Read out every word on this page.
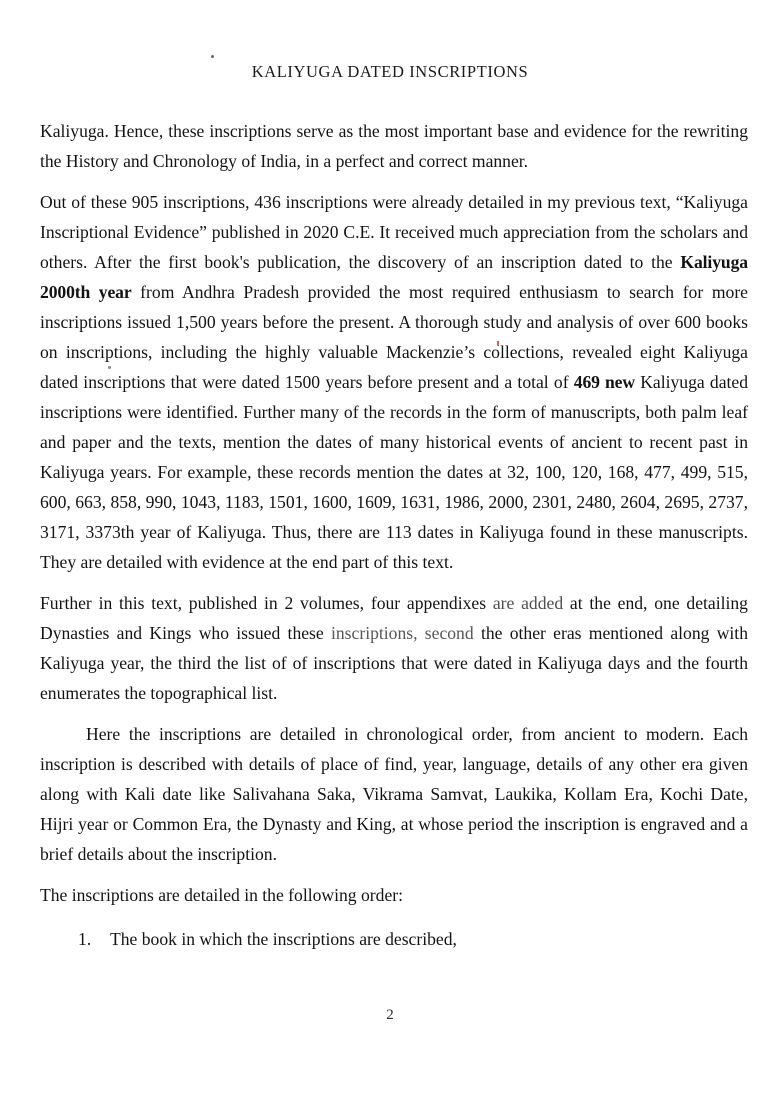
KALIYUGA DATED INSCRIPTIONS

Kaliyuga. Hence, these inscriptions serve as the most important base and evidence for the rewriting the History and Chronology of India, in a perfect and correct manner.

Out of these 905 inscriptions, 436 inscriptions were already detailed in my previous text, “Kaliyuga Inscriptional Evidence” published in 2020 C.E. It received much appreciation from the scholars and others. After the first book's publication, the discovery of an inscription dated to the Kaliyuga 2000th year from Andhra Pradesh provided the most required enthusiasm to search for more inscriptions issued 1,500 years before the present. A thorough study and analysis of over 600 books on inscriptions, including the highly valuable Mackenzie’s collections, revealed eight Kaliyuga dated inscriptions that were dated 1500 years before present and a total of 469 new Kaliyuga dated inscriptions were identified. Further many of the records in the form of manuscripts, both palm leaf and paper and the texts, mention the dates of many historical events of ancient to recent past in Kaliyuga years. For example, these records mention the dates at 32, 100, 120, 168, 477, 499, 515, 600, 663, 858, 990, 1043, 1183, 1501, 1600, 1609, 1631, 1986, 2000, 2301, 2480, 2604, 2695, 2737, 3171, 3373th year of Kaliyuga. Thus, there are 113 dates in Kaliyuga found in these manuscripts. They are detailed with evidence at the end part of this text.

Further in this text, published in 2 volumes, four appendixes are added at the end, one detailing Dynasties and Kings who issued these inscriptions, second the other eras mentioned along with Kaliyuga year, the third the list of of inscriptions that were dated in Kaliyuga days and the fourth enumerates the topographical list.

Here the inscriptions are detailed in chronological order, from ancient to modern. Each inscription is described with details of place of find, year, language, details of any other era given along with Kali date like Salivahana Saka, Vikrama Samvat, Laukika, Kollam Era, Kochi Date, Hijri year or Common Era, the Dynasty and King, at whose period the inscription is engraved and a brief details about the inscription.

The inscriptions are detailed in the following order:

1. The book in which the inscriptions are described,
2
